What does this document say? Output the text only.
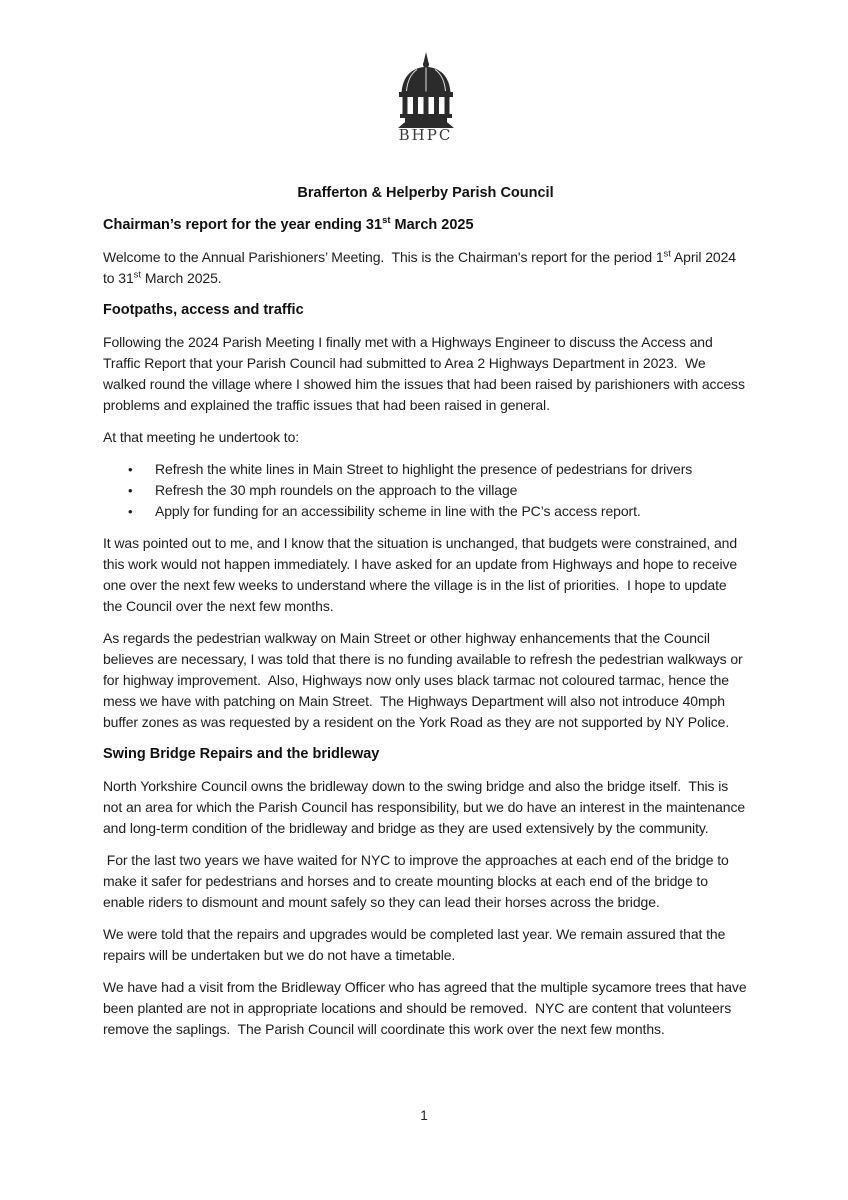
BHPC
Brafferton & Helperby Parish Council
Chairman’s report for the year ending 31st March 2025
Welcome to the Annual Parishioners’ Meeting.  This is the Chairman's report for the period 1st April 2024 to 31st March 2025.
Footpaths, access and traffic
Following the 2024 Parish Meeting I finally met with a Highways Engineer to discuss the Access and Traffic Report that your Parish Council had submitted to Area 2 Highways Department in 2023.  We walked round the village where I showed him the issues that had been raised by parishioners with access problems and explained the traffic issues that had been raised in general.
At that meeting he undertook to:
•	Refresh the white lines in Main Street to highlight the presence of pedestrians for drivers
•	Refresh the 30 mph roundels on the approach to the village
•	Apply for funding for an accessibility scheme in line with the PC’s access report.
It was pointed out to me, and I know that the situation is unchanged, that budgets were constrained, and this work would not happen immediately. I have asked for an update from Highways and hope to receive one over the next few weeks to understand where the village is in the list of priorities.  I hope to update the Council over the next few months.
As regards the pedestrian walkway on Main Street or other highway enhancements that the Council believes are necessary, I was told that there is no funding available to refresh the pedestrian walkways or for highway improvement.  Also, Highways now only uses black tarmac not coloured tarmac, hence the mess we have with patching on Main Street.  The Highways Department will also not introduce 40mph buffer zones as was requested by a resident on the York Road as they are not supported by NY Police.
Swing Bridge Repairs and the bridleway
North Yorkshire Council owns the bridleway down to the swing bridge and also the bridge itself.  This is not an area for which the Parish Council has responsibility, but we do have an interest in the maintenance and long-term condition of the bridleway and bridge as they are used extensively by the community.
For the last two years we have waited for NYC to improve the approaches at each end of the bridge to make it safer for pedestrians and horses and to create mounting blocks at each end of the bridge to enable riders to dismount and mount safely so they can lead their horses across the bridge.
We were told that the repairs and upgrades would be completed last year. We remain assured that the repairs will be undertaken but we do not have a timetable.
We have had a visit from the Bridleway Officer who has agreed that the multiple sycamore trees that have been planted are not in appropriate locations and should be removed.  NYC are content that volunteers remove the saplings.  The Parish Council will coordinate this work over the next few months.
1
